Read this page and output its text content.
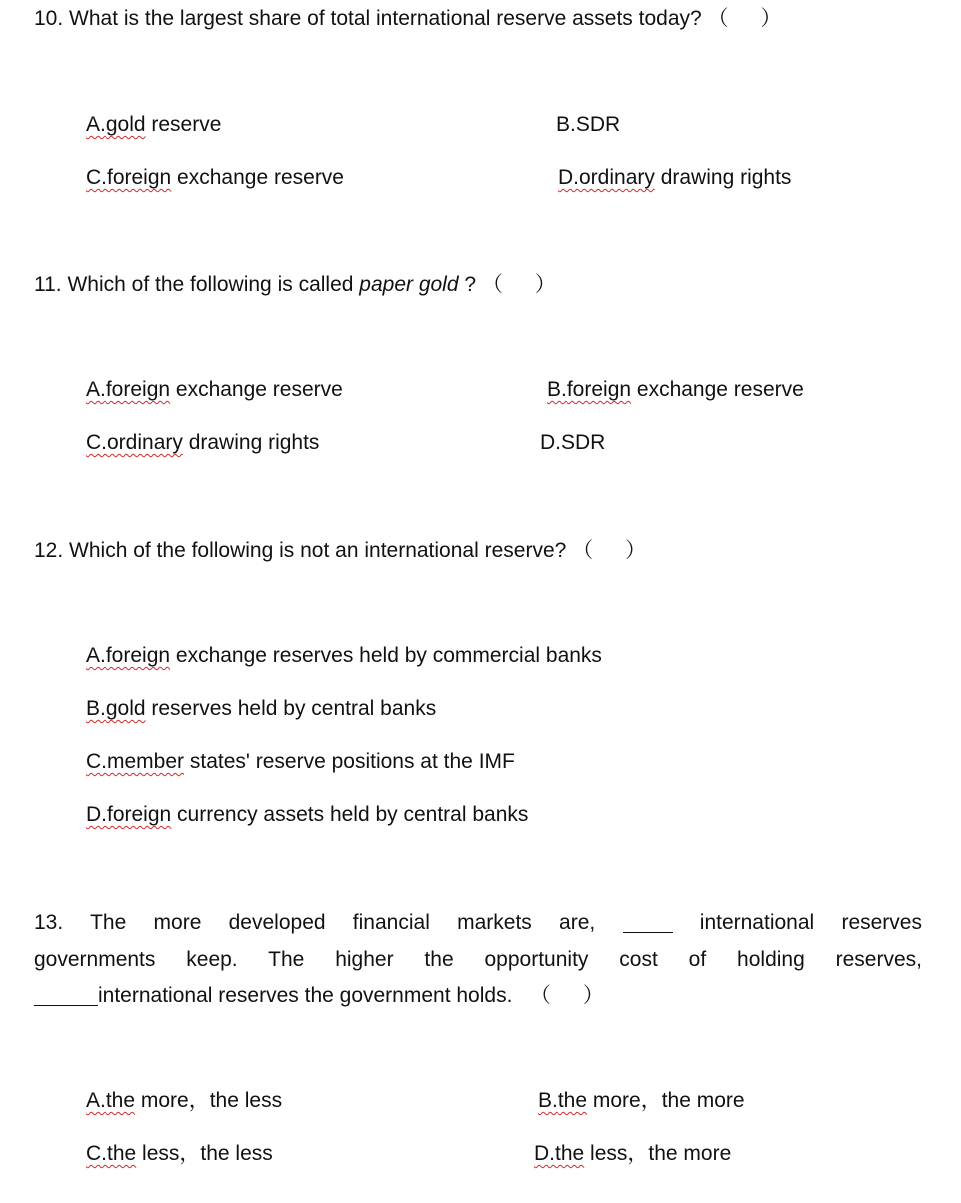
10. What is the largest share of total international reserve assets today? （ ）
A.gold reserve	B.SDR
C.foreign exchange reserve	D.ordinary drawing rights
11. Which of the following is called paper gold ? （ ）
A.foreign exchange reserve	B.foreign exchange reserve
C.ordinary drawing rights	D.SDR
12. Which of the following is not an international reserve? （ ）
A.foreign exchange reserves held by commercial banks
B.gold reserves held by central banks
C.member states' reserve positions at the IMF
D.foreign currency assets held by central banks
13. The more developed financial markets are,	international reserves
governments keep. The higher the opportunity cost of holding reserves,
international reserves the government holds. （ ）
A.the more，the less	B.the more，the more
C.the less，the less	D.the less，the more
